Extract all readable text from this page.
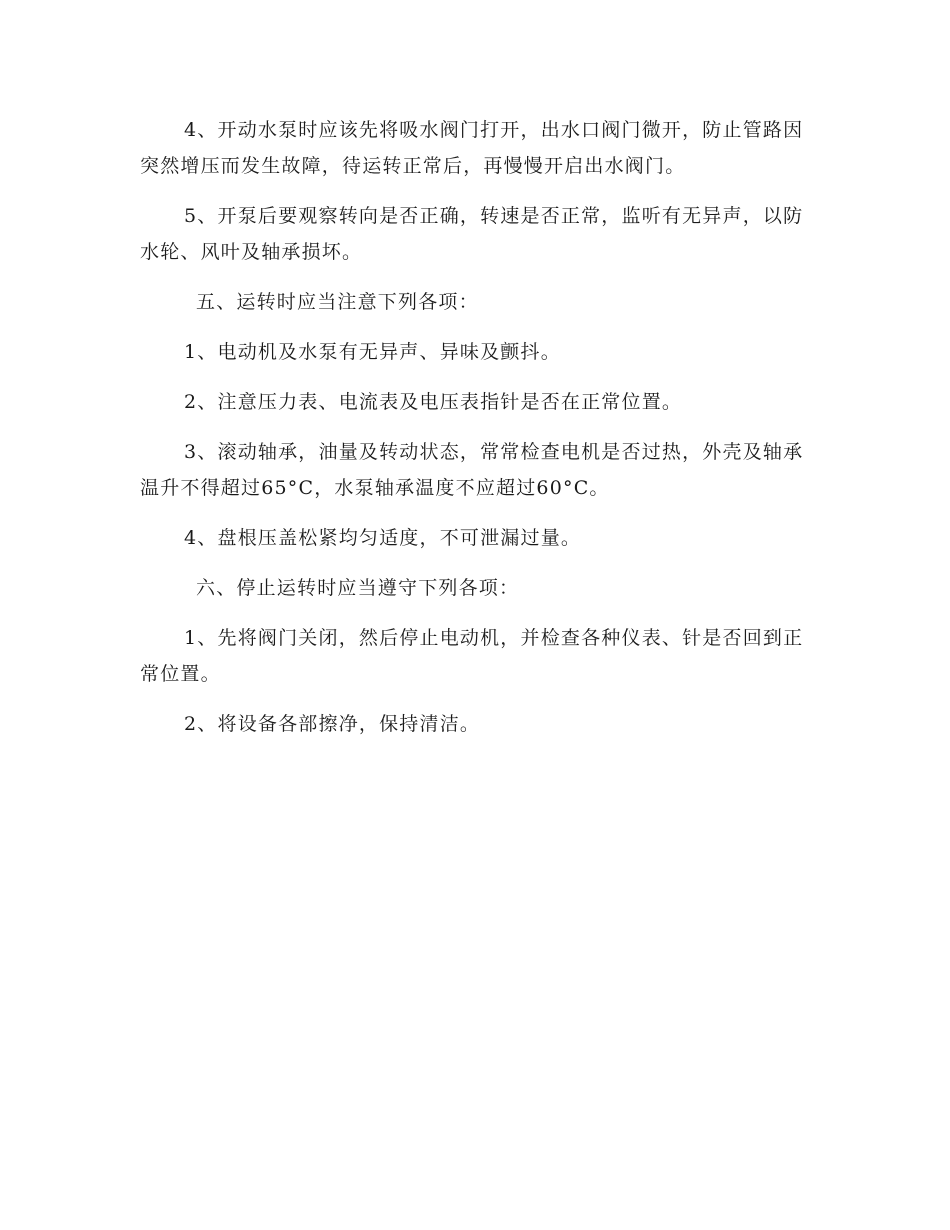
4、开动水泵时应该先将吸水阀门打开，出水口阀门微开，防止管路因突然增压而发生故障，待运转正常后，再慢慢开启出水阀门。

5、开泵后要观察转向是否正确，转速是否正常，监听有无异声，以防水轮、风叶及轴承损坏。

五、运转时应当注意下列各项：

1、电动机及水泵有无异声、异味及颤抖。

2、注意压力表、电流表及电压表指针是否在正常位置。

3、滚动轴承，油量及转动状态，常常检查电机是否过热，外壳及轴承温升不得超过65°C，水泵轴承温度不应超过60°C。

4、盘根压盖松紧均匀适度，不可泄漏过量。

六、停止运转时应当遵守下列各项：

1、先将阀门关闭，然后停止电动机，并检查各种仪表、针是否回到正常位置。

2、将设备各部擦净，保持清洁。
